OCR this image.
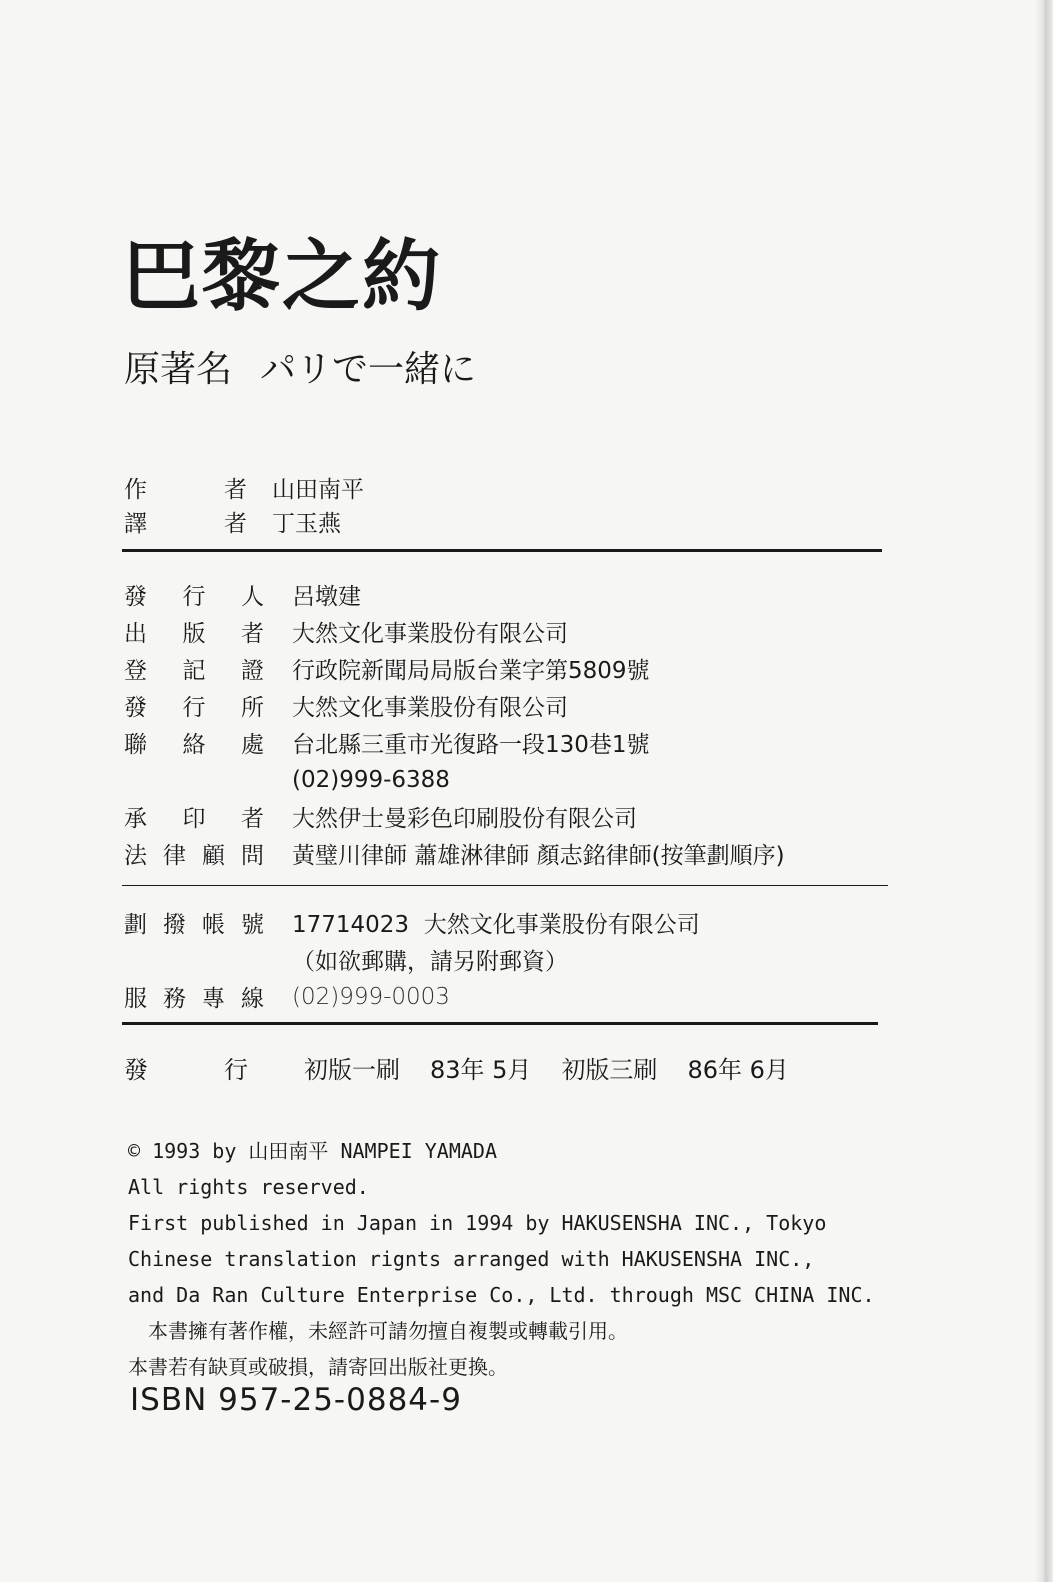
巴黎之約
原著名 パリで一緒に
作	者	山田南平
譯	者	丁玉燕
發 行 人 呂墩建
出 版 者 大然文化事業股份有限公司
登 記 證 行政院新聞局局版台業字第5809號
發 行 所 大然文化事業股份有限公司
聯 絡 處 台北縣三重市光復路一段130巷1號
(02)999-6388
承 印 者 大然伊士曼彩色印刷股份有限公司
法 律 顧 問 黃璧川律師 蕭雄淋律師 顏志銘律師(按筆劃順序)
劃 撥 帳 號 17714023  大然文化事業股份有限公司
（如欲郵購，請另附郵資）
服 務 專 線 (02)999-0003
發	行	初版一刷 83年 5月 初版三刷 86年 6月
© 1993 by 山田南平 NAMPEI YAMADA
All rights reserved.
First published in Japan in 1994 by HAKUSENSHA INC., Tokyo
Chinese translation rignts arranged with HAKUSENSHA INC.,
and Da Ran Culture Enterprise Co., Ltd. through MSC CHINA INC.
　本書擁有著作權，未經許可請勿擅自複製或轉載引用。
本書若有缺頁或破損，請寄回出版社更換。
ISBN 957-25-0884-9
